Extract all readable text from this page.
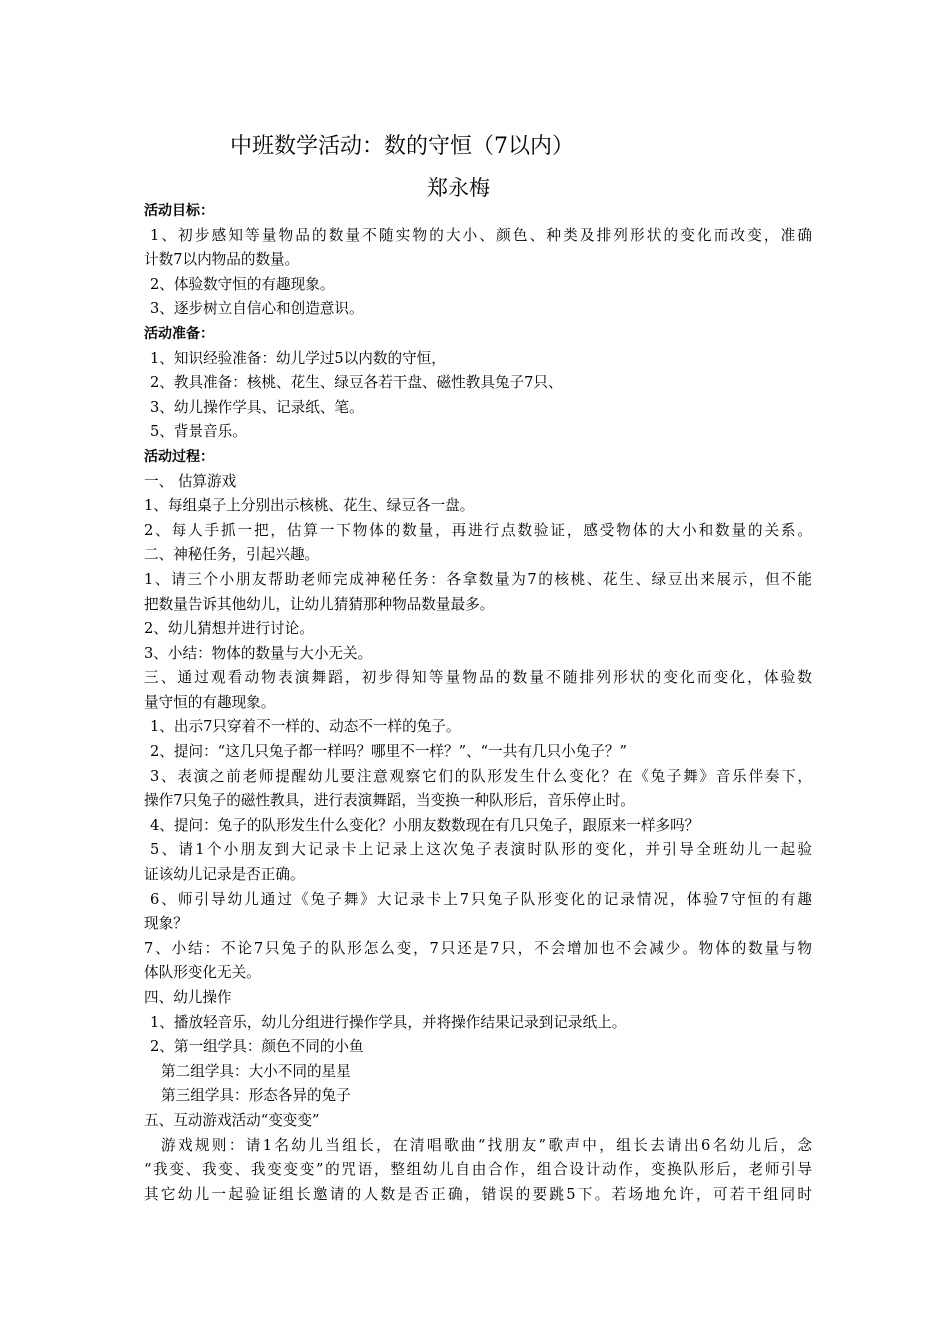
中班数学活动：数的守恒（7以内）
郑永梅
活动目标：
1、初步感知等量物品的数量不随实物的大小、颜色、种类及排列形状的变化而改变，准确
计数7以内物品的数量。
2、体验数守恒的有趣现象。
3、逐步树立自信心和创造意识。
活动准备：
1、知识经验准备：幼儿学过5以内数的守恒，
2、教具准备：核桃、花生、绿豆各若干盘、磁性教具兔子7只、
3、幼儿操作学具、记录纸、笔。
5、背景音乐。
活动过程：
一、 估算游戏
1、每组桌子上分别出示核桃、花生、绿豆各一盘。
2、每人手抓一把，估算一下物体的数量，再进行点数验证，感受物体的大小和数量的关系。
二、神秘任务，引起兴趣。
1、请三个小朋友帮助老师完成神秘任务：各拿数量为7的核桃、花生、绿豆出来展示，但不能
把数量告诉其他幼儿，让幼儿猜猜那种物品数量最多。
2、幼儿猜想并进行讨论。
3、小结：物体的数量与大小无关。
三、通过观看动物表演舞蹈，初步得知等量物品的数量不随排列形状的变化而变化，体验数
量守恒的有趣现象。
1、出示7只穿着不一样的、动态不一样的兔子。
2、提问：“这几只兔子都一样吗？哪里不一样？”、“一共有几只小兔子？”
3、表演之前老师提醒幼儿要注意观察它们的队形发生什么变化？在《兔子舞》音乐伴奏下，
操作7只兔子的磁性教具，进行表演舞蹈，当变换一种队形后，音乐停止时。
4、提问：兔子的队形发生什么变化？小朋友数数现在有几只兔子，跟原来一样多吗？
5、请1个小朋友到大记录卡上记录上这次兔子表演时队形的变化，并引导全班幼儿一起验
证该幼儿记录是否正确。
6、师引导幼儿通过《兔子舞》大记录卡上7只兔子队形变化的记录情况，体验7守恒的有趣
现象？
7、小结：不论7只兔子的队形怎么变，7只还是7只，不会增加也不会减少。物体的数量与物
体队形变化无关。
四、幼儿操作
1、播放轻音乐，幼儿分组进行操作学具，并将操作结果记录到记录纸上。
2、第一组学具：颜色不同的小鱼
第二组学具：大小不同的星星
第三组学具：形态各异的兔子
五、互动游戏活动“变变变”
游戏规则：请1名幼儿当组长，在清唱歌曲“找朋友”歌声中，组长去请出6名幼儿后，念
“我变、我变、我变变变”的咒语，整组幼儿自由合作，组合设计动作，变换队形后，老师引导
其它幼儿一起验证组长邀请的人数是否正确，错误的要跳5下。若场地允许，可若干组同时
